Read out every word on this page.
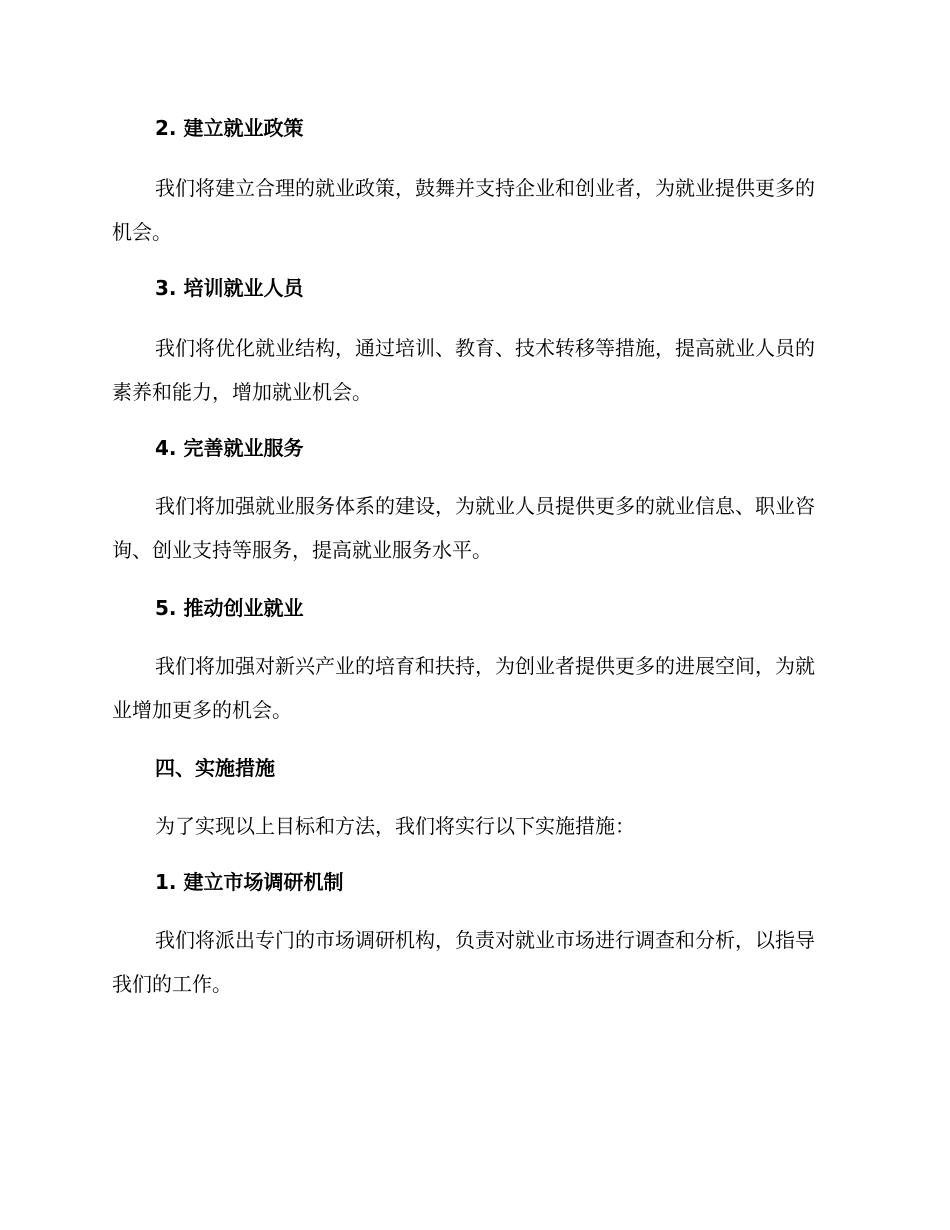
2. 建立就业政策

我们将建立合理的就业政策，鼓舞并支持企业和创业者，为就业提供更多的机会。

3. 培训就业人员

我们将优化就业结构，通过培训、教育、技术转移等措施，提高就业人员的素养和能力，增加就业机会。

4. 完善就业服务

我们将加强就业服务体系的建设，为就业人员提供更多的就业信息、职业咨询、创业支持等服务，提高就业服务水平。

5. 推动创业就业

我们将加强对新兴产业的培育和扶持，为创业者提供更多的进展空间，为就业增加更多的机会。

四、实施措施

为了实现以上目标和方法，我们将实行以下实施措施：

1. 建立市场调研机制

我们将派出专门的市场调研机构，负责对就业市场进行调查和分析，以指导我们的工作。
